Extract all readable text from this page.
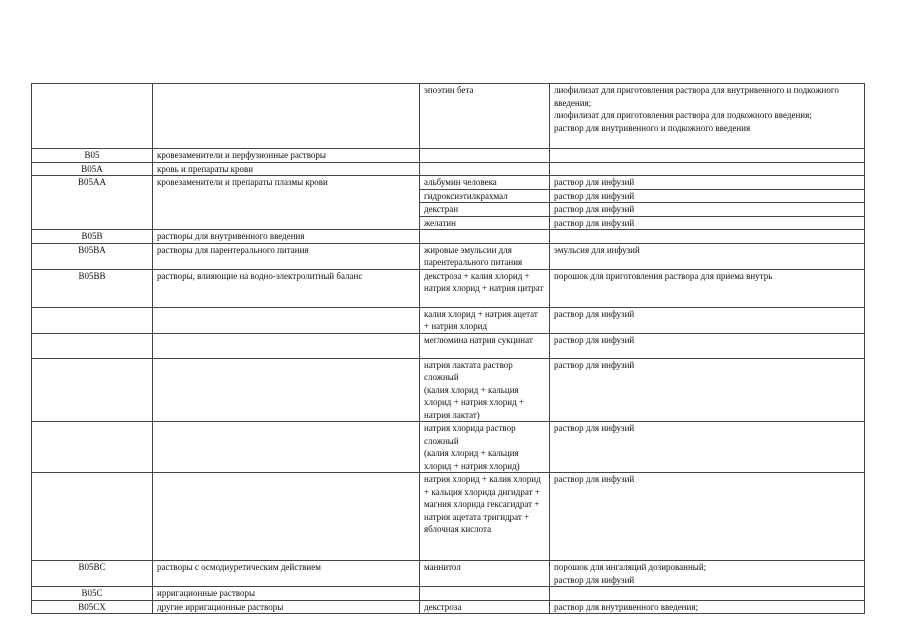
		эпоэтин бета	лиофилизат для приготовления раствора для внутривенного и подкожного введения;
лиофилизат для приготовления раствора для подкожного введения;
раствор для внутривенного и подкожного введения
B05	кровезаменители и перфузионные растворы		
B05A	кровь и препараты крови		
B05AA	кровезаменители и препараты плазмы крови	альбумин человека	раствор для инфузий
		гидроксиэтилкрахмал	раствор для инфузий
		декстран	раствор для инфузий
		желатин	раствор для инфузий
B05B	растворы для внутривенного введения		
B05BA	растворы для парентерального питания	жировые эмульсии для парентерального питания	эмульсия для инфузий
B05BB	растворы, влияющие на водно-электролитный баланс	декстроза + калия хлорид + натрия хлорид + натрия цитрат	порошок для приготовления раствора для приема внутрь
		калия хлорид + натрия ацетат + натрия хлорид	раствор для инфузий
		меглюмина натрия сукцинат	раствор для инфузий
		натрия лактата раствор сложный
(калия хлорид + кальция хлорид + натрия хлорид + натрия лактат)	раствор для инфузий
		натрия хлорида раствор сложный
(калия хлорид + кальция хлорид + натрия хлорид)	раствор для инфузий
		натрия хлорид + калия хлорид + кальция хлорида дигидрат + магния хлорида гексагидрат + натрия ацетата тригидрат + яблочная кислота	раствор для инфузий
B05BC	растворы с осмодиуретическим действием	маннитол	порошок для ингаляций дозированный;
раствор для инфузий
B05C	ирригационные растворы		
B05CX	другие ирригационные растворы	декстроза	раствор для внутривенного введения;
